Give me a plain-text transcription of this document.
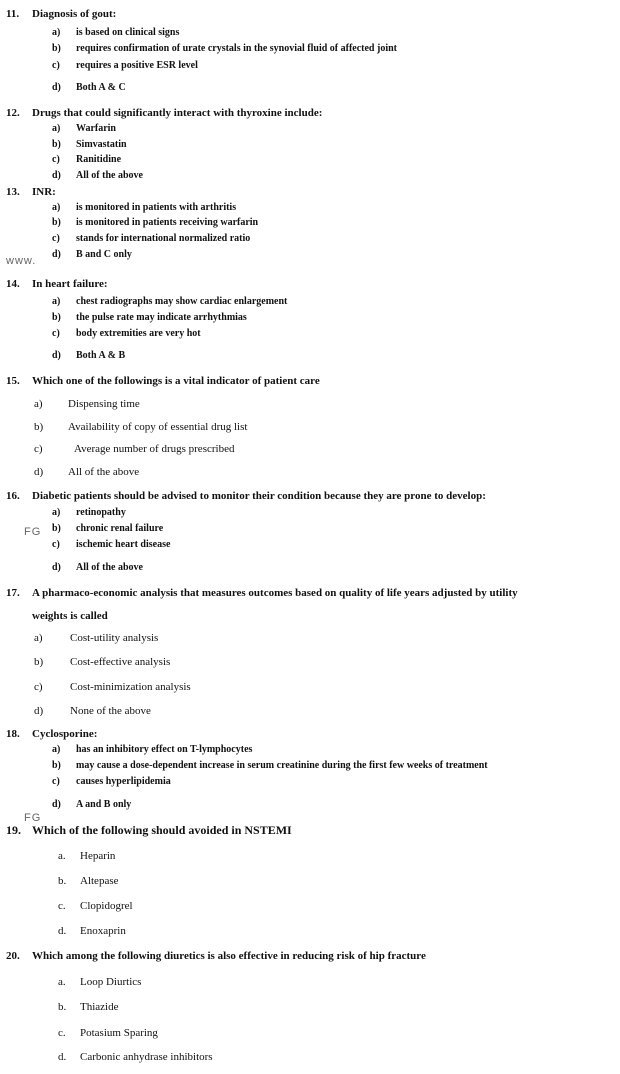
11. Diagnosis of gout:
a) is based on clinical signs
b) requires confirmation of urate crystals in the synovial fluid of affected joint
c) requires a positive ESR level
d) Both A & C
12. Drugs that could significantly interact with thyroxine include:
a) Warfarin
b) Simvastatin
c) Ranitidine
d) All of the above
13. INR:
a) is monitored in patients with arthritis
b) is monitored in patients receiving warfarin
c) stands for international normalized ratio
d) B and C only
www.
14. In heart failure:
a) chest radiographs may show cardiac enlargement
b) the pulse rate may indicate arrhythmias
c) body extremities are very hot
d) Both A & B
15. Which one of the followings is a vital indicator of patient care
a) Dispensing time
b) Availability of copy of essential drug list
c)	Average number of drugs prescribed
d) All of the above
16. Diabetic patients should be advised to monitor their condition because they are prone to develop:
a) retinopathy
b) chronic renal failure
c) ischemic heart disease
d) All of the above
FG
17. A pharmaco-economic analysis that measures outcomes based on quality of life years adjusted by utility
weights is called
a) Cost-utility analysis
b) Cost-effective analysis
c) Cost-minimization analysis
d) None of the above
18. Cyclosporine:
a) has an inhibitory effect on T-lymphocytes
b) may cause a dose-dependent increase in serum creatinine during the first few weeks of treatment
c) causes hyperlipidemia
d) A and B only
FG
19. Which of the following should avoided in NSTEMI
a. Heparin
b. Altepase
c. Clopidogrel
d. Enoxaprin
20. Which among the following diuretics is also effective in reducing risk of hip fracture
a. Loop Diurtics
b. Thiazide
c. Potasium Sparing
d. Carbonic anhydrase inhibitors
